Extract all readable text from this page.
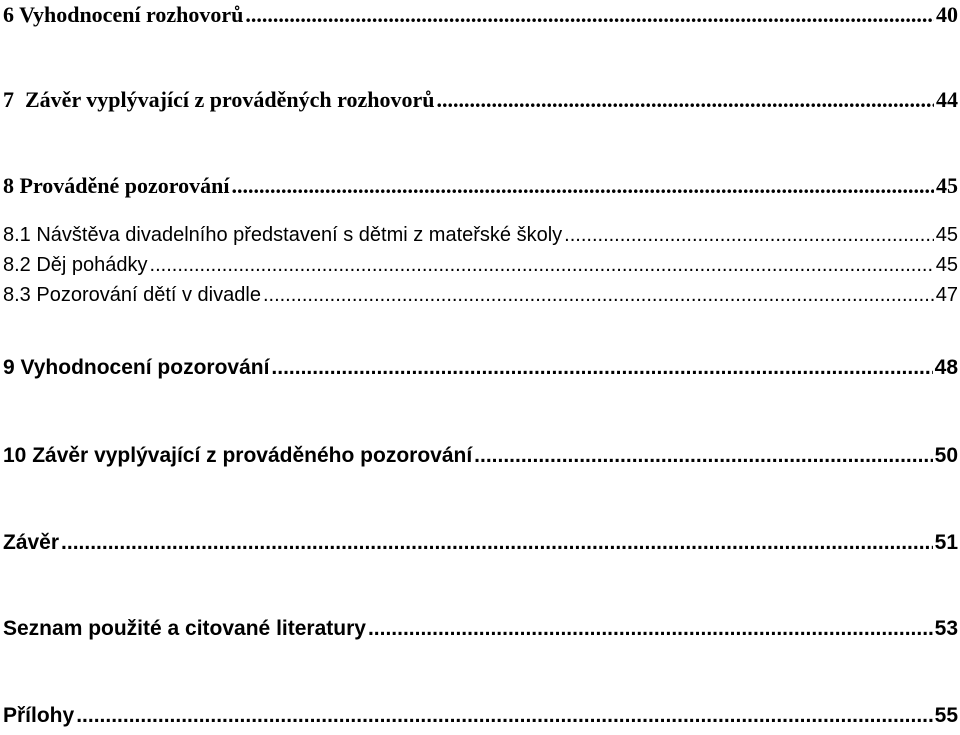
6 Vyhodnocení rozhovorů .....	40
7  Závěr vyplývající z prováděných rozhovorů .....	44
8 Prováděné pozorování .....	45
8.1 Návštěva divadelního představení s dětmi z mateřské školy .....	45
8.2 Děj pohádky .....	45
8.3 Pozorování dětí v divadle .....	47
9 Vyhodnocení pozorování .....	48
10 Závěr vyplývající z prováděného pozorování .....	50
Závěr .....	51
Seznam použité a citované literatury .....	53
Přílohy .....	55
